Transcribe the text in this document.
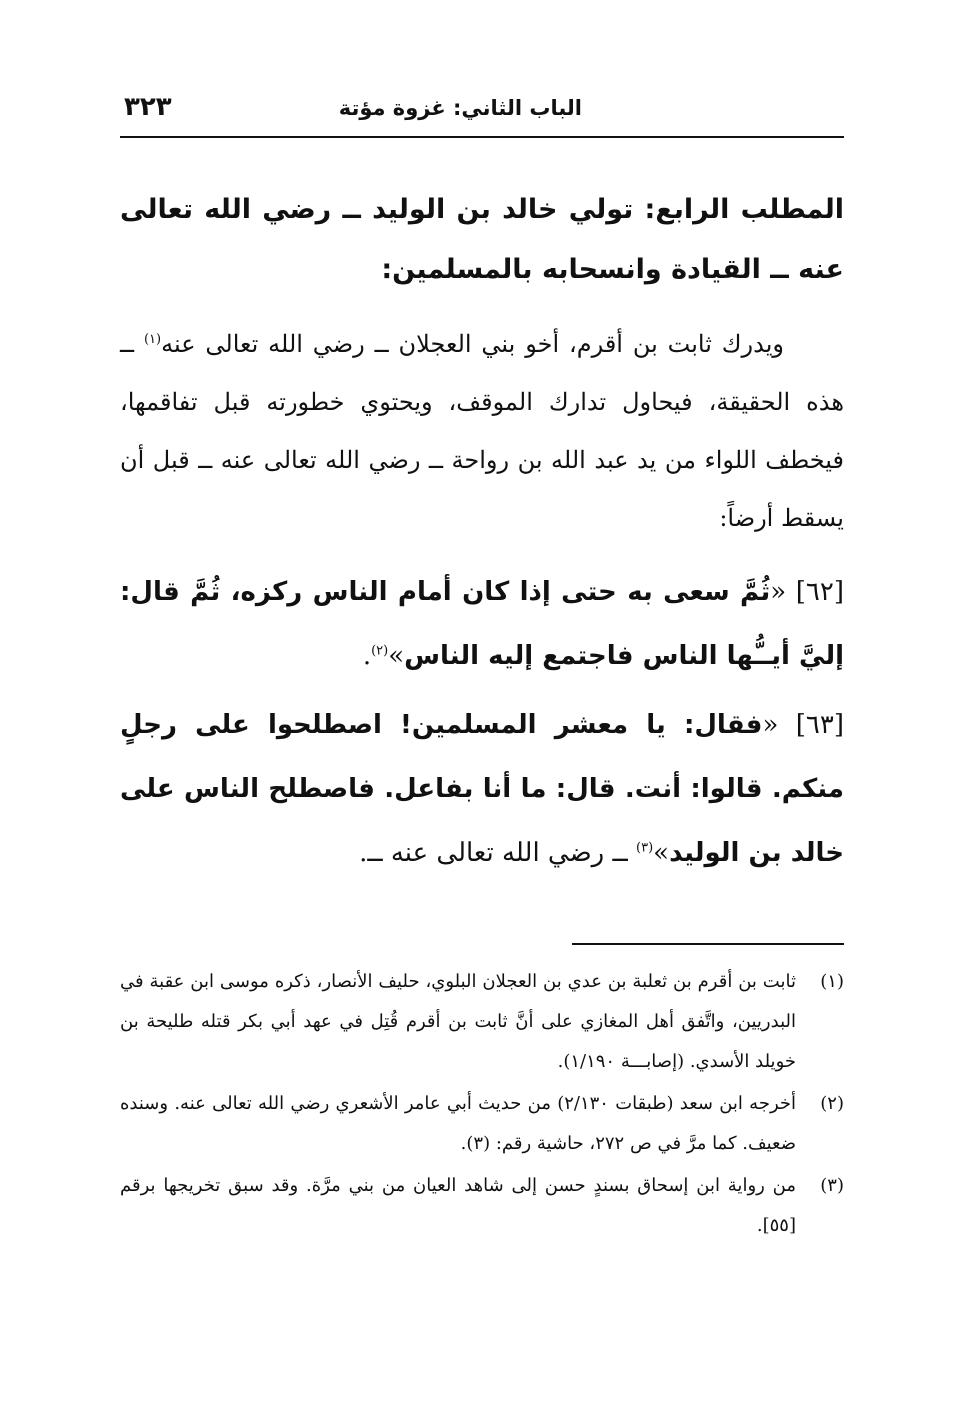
الباب الثاني: غزوة مؤتة
٣٢٣
المطلب الرابع: تولي خالد بن الوليد ــ رضي الله تعالى عنه ــ القيادة وانسحابه بالمسلمين:
ويدرك ثابت بن أقرم، أخو بني العجلان ــ رضي الله تعالى عنه$^{(١)}$ ــ هذه الحقيقة، فيحاول تدارك الموقف، ويحتوي خطورته قبل تفاقمها، فيخطف اللواء من يد عبد الله بن رواحة ــ رضي الله تعالى عنه ــ قبل أن يسقط أرضاً:
[٦٢] «ثُمَّ سعى به حتى إذا كان أمام الناس ركزه، ثُمَّ قال: إليَّ أيــُّها الناس فاجتمع إليه الناس»$^{(٢)}$.
[٦٣] «فقال: يا معشر المسلمين! اصطلحوا على رجلٍ منكم. قالوا: أنت. قال: ما أنا بفاعل. فاصطلح الناس على خالد بن الوليد»$^{(٣)}$ ــ رضي الله تعالى عنه ــ.
(١)
ثابت بن أقرم بن ثعلبة بن عدي بن العجلان البلوي، حليف الأنصار، ذكره موسى ابن عقبة في البدريين، واتَّفق أهل المغازي على أنَّ ثابت بن أقرم قُتِل في عهد أبي بكر قتله طليحة بن خويلد الأسدي. (إصابـــة ١/١٩٠).
(٢)
أخرجه ابن سعد (طبقات ٢/١٣٠) من حديث أبي عامر الأشعري رضي الله تعالى عنه. وسنده ضعيف. كما مرَّ في ص ٢٧٢، حاشية رقم: (٣).
(٣)
من رواية ابن إسحاق بسندٍ حسن إلى شاهد العيان من بني مرَّة. وقد سبق تخريجها برقم [٥٥].
